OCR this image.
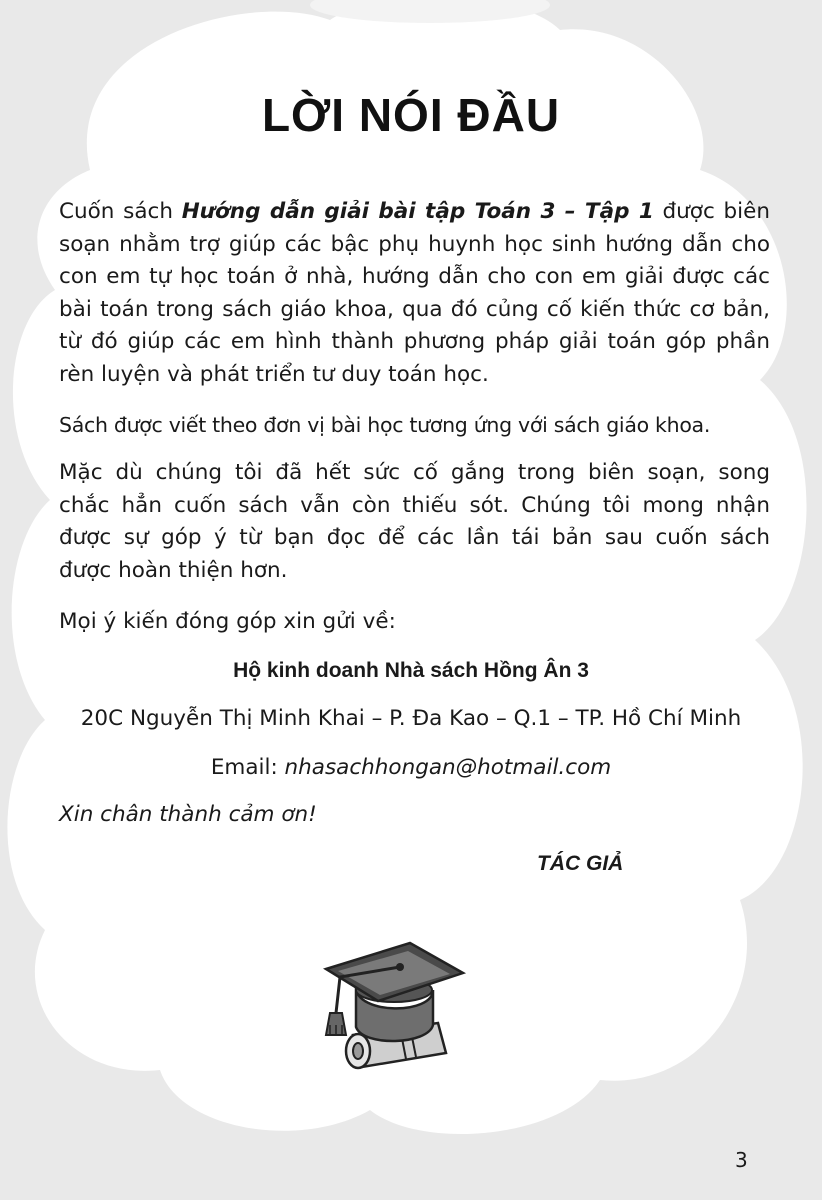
LỜI NÓI ĐẦU
Cuốn sách Hướng dẫn giải bài tập Toán 3 – Tập 1 được biên
soạn nhằm trợ giúp các bậc phụ huynh học sinh hướng dẫn cho
con em tự học toán ở nhà, hướng dẫn cho con em giải được các
bài toán trong sách giáo khoa, qua đó củng cố kiến thức cơ bản,
từ đó giúp các em hình thành phương pháp giải toán góp phần
rèn luyện và phát triển tư duy toán học.
Sách được viết theo đơn vị bài học tương ứng với sách giáo khoa.
Mặc dù chúng tôi đã hết sức cố gắng trong biên soạn, song
chắc hẳn cuốn sách vẫn còn thiếu sót. Chúng tôi mong nhận
được sự góp ý từ bạn đọc để các lần tái bản sau cuốn sách
được hoàn thiện hơn.
Mọi ý kiến đóng góp xin gửi về:
Hộ kinh doanh Nhà sách Hồng Ân 3
20C Nguyễn Thị Minh Khai – P. Đa Kao – Q.1 – TP. Hồ Chí Minh
Email: nhasachhongan@hotmail.com
Xin chân thành cảm ơn!
TÁC GIẢ
3
